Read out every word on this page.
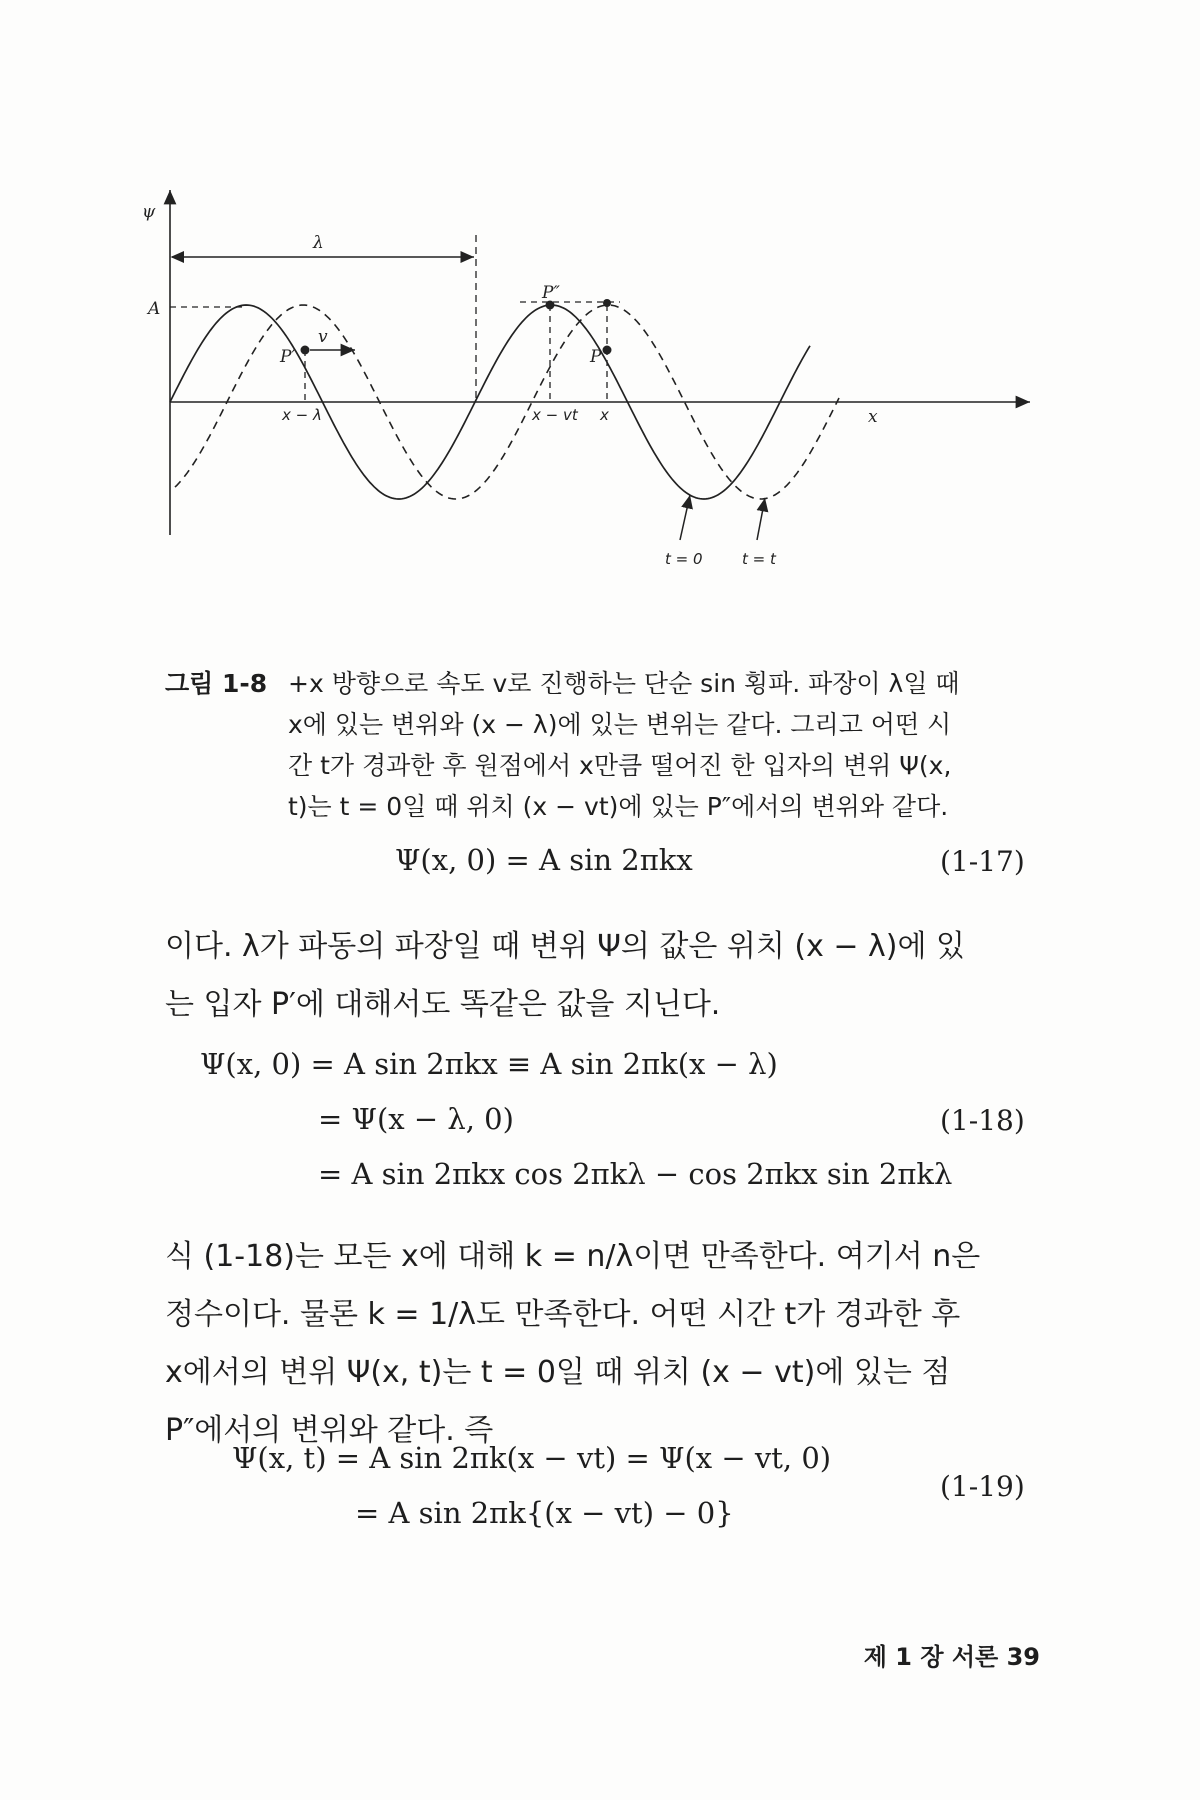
ψ
λ
A
P′
P″
P
v
x − λ	x − vt x	x
t = 0	t = t
그림 1-8 +x 방향으로 속도 v로 진행하는 단순 sin 횡파. 파장이 λ일 때
x에 있는 변위와 (x − λ)에 있는 변위는 같다. 그리고 어떤 시
간 t가 경과한 후 원점에서 x만큼 떨어진 한 입자의 변위 Ψ(x,
t)는 t = 0일 때 위치 (x − vt)에 있는 P″에서의 변위와 같다.
Ψ(x, 0) = A sin 2πkx	(1-17)
이다. λ가 파동의 파장일 때 변위 Ψ의 값은 위치 (x − λ)에 있
는 입자 P′에 대해서도 똑같은 값을 지닌다.
Ψ(x, 0) = A sin 2πkx ≡ A sin 2πk(x − λ)
= Ψ(x − λ, 0)	(1-18)
= A sin 2πkx cos 2πkλ − cos 2πkx sin 2πkλ
식 (1-18)는 모든 x에 대해 k = n/λ이면 만족한다. 여기서 n은
정수이다. 물론 k = 1/λ도 만족한다. 어떤 시간 t가 경과한 후
x에서의 변위 Ψ(x, t)는 t = 0일 때 위치 (x − vt)에 있는 점
P″에서의 변위와 같다. 즉
Ψ(x, t) = A sin 2πk(x − vt) = Ψ(x − vt, 0)
= A sin 2πk{(x − vt) − 0}
(1-19)
제 1 장 서론 39
